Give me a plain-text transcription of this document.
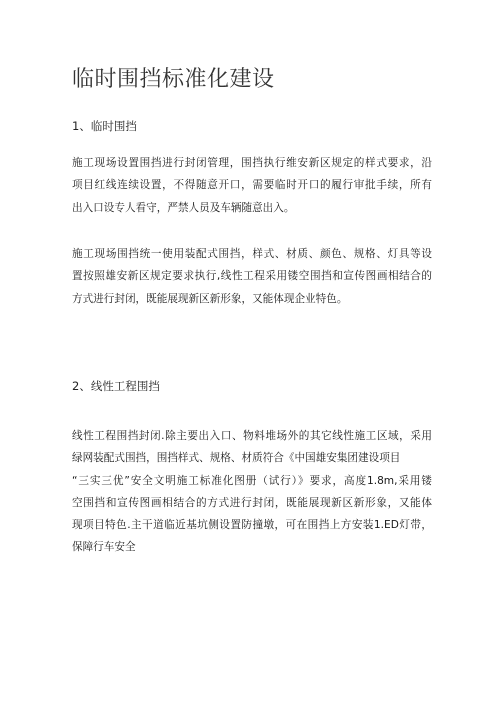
临时围挡标准化建设
1、临时围挡
施工现场设置围挡进行封闭管理，围挡执行维安新区规定的样式要求，沿
项目红线连续设置，不得随意开口，需要临时开口的履行审批手续，所有
出入口设专人看守，严禁人员及车辆随意出入。
施工现场围挡统一使用装配式围挡，样式、材质、颜色、规格、灯具等设
置按照雄安新区规定要求执行,线性工程采用镂空围挡和宣传图画相结合的
方式进行封闭，既能展现新区新形象，又能体现企业特色。
2、线性工程围挡
线性工程围挡封闭.除主要出入口、物料堆场外的其它线性施工区域，采用
绿网装配式围挡，围挡样式、规格、材质符合《中国雄安集团建设项目
“三实三优”安全文明施工标准化图册（试行）》要求，高度1.8m,采用镂
空围挡和宣传图画相结合的方式进行封闭，既能展现新区新形象，又能体
现项目特色.主干道临近基坑侧设置防撞墩，可在围挡上方安装1.ED灯带，
保障行车安全
